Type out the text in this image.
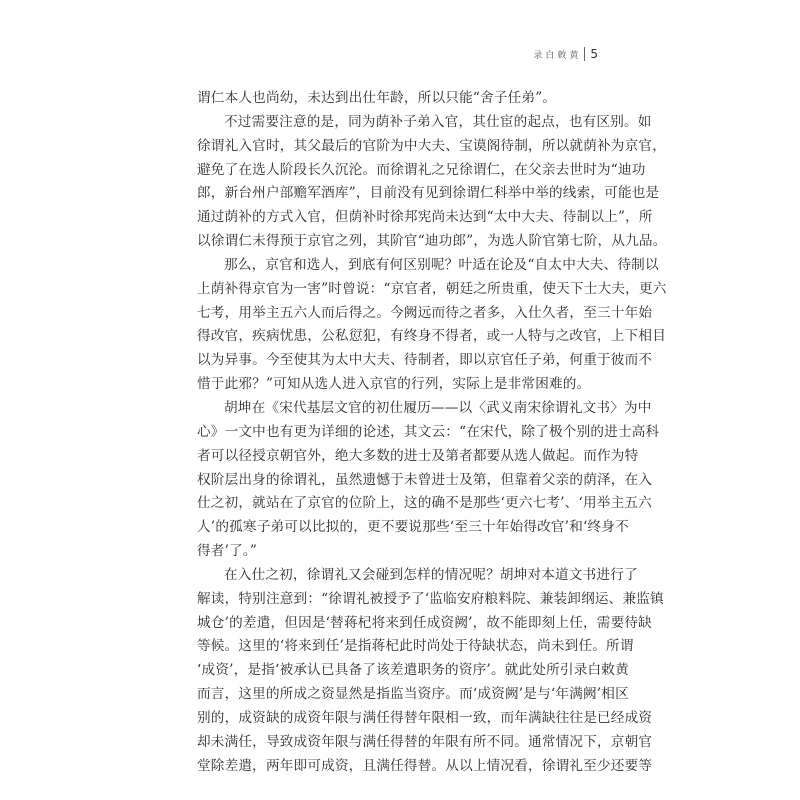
录白敕黄 5
谓仁本人也尚幼，未达到出仕年龄，所以只能“舍子任弟”。
不过需要注意的是，同为荫补子弟入官，其仕宦的起点，也有区别。如
徐谓礼入官时，其父最后的官阶为中大夫、宝谟阁待制，所以就荫补为京官，
避免了在选人阶段长久沉沦。而徐谓礼之兄徐谓仁，在父亲去世时为“迪功
郎，新台州户部赡军酒库”，目前没有见到徐谓仁科举中举的线索，可能也是
通过荫补的方式入官，但荫补时徐邦宪尚未达到“太中大夫、待制以上”，所
以徐谓仁未得预于京官之列，其阶官“迪功郎”，为选人阶官第七阶，从九品。
那么，京官和选人，到底有何区别呢？叶适在论及“自太中大夫、待制以
上荫补得京官为一害”时曾说：“京官者，朝廷之所贵重，使天下士大夫，更六
七考，用举主五六人而后得之。今阙远而待之者多，入仕久者，至三十年始
得改官，疾病忧患，公私愆犯，有终身不得者，或一人特与之改官，上下相目
以为异事。今至使其为太中大夫、待制者，即以京官任子弟，何重于彼而不
惜于此邪？”可知从选人进入京官的行列，实际上是非常困难的。
胡坤在《宋代基层文官的初仕履历——以〈武义南宋徐谓礼文书〉为中
心》一文中也有更为详细的论述，其文云：“在宋代，除了极个别的进士高科
者可以径授京朝官外，绝大多数的进士及第者都要从选人做起。而作为特
权阶层出身的徐谓礼，虽然遗憾于未曾进士及第，但靠着父亲的荫泽，在入
仕之初，就站在了京官的位阶上，这的确不是那些‘更六七考’、‘用举主五六
人’的孤寒子弟可以比拟的，更不要说那些‘至三十年始得改官’和‘终身不
得者’了。”
在入仕之初，徐谓礼又会碰到怎样的情况呢？胡坤对本道文书进行了
解读，特别注意到：“徐谓礼被授予了‘监临安府粮料院、兼装卸纲运、兼监镇
城仓’的差遣，但因是‘替蒋杞将来到任成资阙’，故不能即刻上任，需要待缺
等候。这里的‘将来到任’是指蒋杞此时尚处于待缺状态，尚未到任。所谓
‘成资’，是指‘被承认已具备了该差遣职务的资序’。就此处所引录白敕黄
而言，这里的所成之资显然是指监当资序。而‘成资阙’是与‘年满阙’相区
别的，成资缺的成资年限与满任得替年限相一致，而年满缺往往是已经成资
却未满任，导致成资年限与满任得替的年限有所不同。通常情况下，京朝官
堂除差遣，两年即可成资，且满任得替。从以上情况看，徐谓礼至少还要等
